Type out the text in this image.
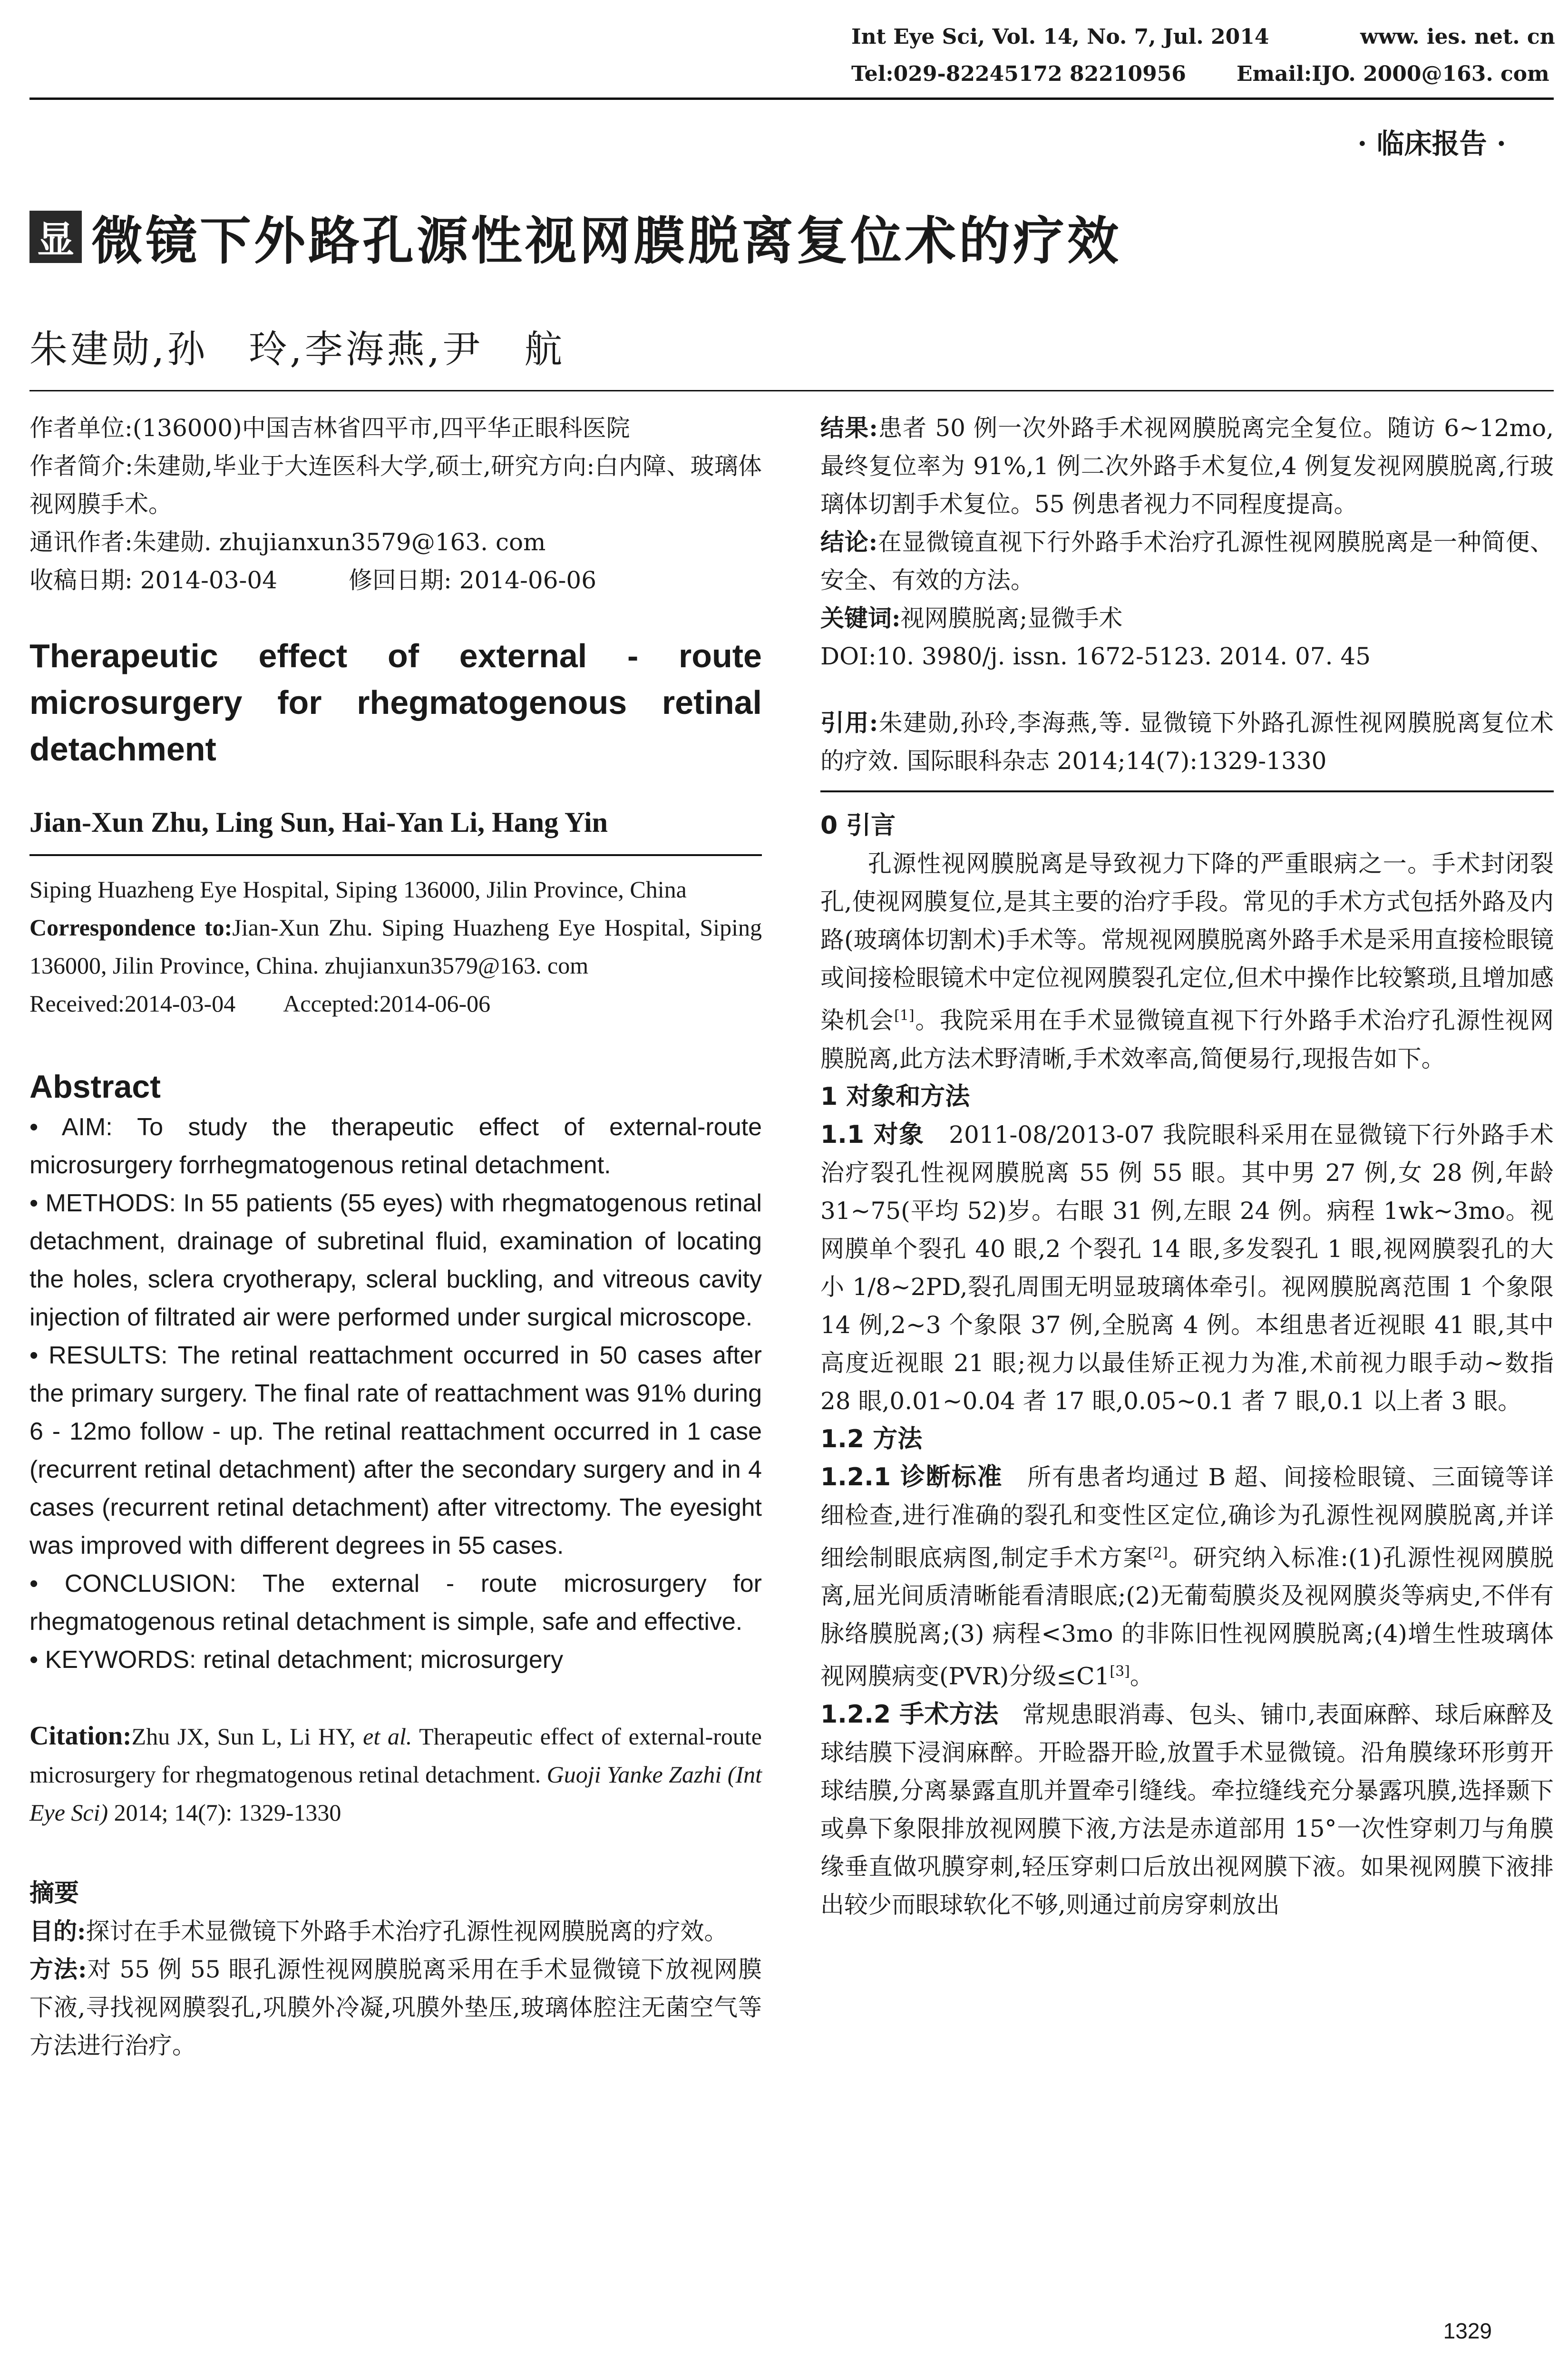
Int Eye Sci, Vol. 14, No. 7, Jul. 2014	www. ies. net. cn
Tel:029-82245172 82210956 Email:IJO. 2000@163. com
· 临床报告 ·
显 微镜下外路孔源性视网膜脱离复位术的疗效
朱建勋,孙　玲,李海燕,尹　航

作者单位:(136000)中国吉林省四平市,四平华正眼科医院

作者简介:朱建勋,毕业于大连医科大学,硕士,研究方向:白内障、玻璃体视网膜手术。

通讯作者:朱建勋. zhujianxun3579@163. com

收稿日期: 2014-03-04　　　修回日期: 2014-06-06

Therapeutic effect of external - route microsurgery for rhegmatogenous retinal detachment

Jian-Xun Zhu, Ling Sun, Hai-Yan Li, Hang Yin

Siping Huazheng Eye Hospital, Siping 136000, Jilin Province, China

Correspondence to:Jian-Xun Zhu. Siping Huazheng Eye Hospital, Siping 136000, Jilin Province, China. zhujianxun3579@163. com

Received:2014-03-04　　Accepted:2014-06-06

Abstract

• AIM: To study the therapeutic effect of external-route microsurgery forrhegmatogenous retinal detachment.

• METHODS: In 55 patients (55 eyes) with rhegmatogenous retinal detachment, drainage of subretinal fluid, examination of locating the holes, sclera cryotherapy, scleral buckling, and vitreous cavity injection of filtrated air were performed under surgical microscope.

• RESULTS: The retinal reattachment occurred in 50 cases after the primary surgery. The final rate of reattachment was 91% during 6 - 12mo follow - up. The retinal reattachment occurred in 1 case (recurrent retinal detachment) after the secondary surgery and in 4 cases (recurrent retinal detachment) after vitrectomy. The eyesight was improved with different degrees in 55 cases.

• CONCLUSION: The external - route microsurgery for rhegmatogenous retinal detachment is simple, safe and effective.

• KEYWORDS: retinal detachment; microsurgery

Citation:Zhu JX, Sun L, Li HY, et al. Therapeutic effect of external-route microsurgery for rhegmatogenous retinal detachment. Guoji Yanke Zazhi (Int Eye Sci) 2014; 14(7): 1329-1330

摘要

目的:探讨在手术显微镜下外路手术治疗孔源性视网膜脱离的疗效。

方法:对 55 例 55 眼孔源性视网膜脱离采用在手术显微镜下放视网膜下液,寻找视网膜裂孔,巩膜外冷凝,巩膜外垫压,玻璃体腔注无菌空气等方法进行治疗。

结果:患者 50 例一次外路手术视网膜脱离完全复位。随访 6~12mo,最终复位率为 91%,1 例二次外路手术复位,4 例复发视网膜脱离,行玻璃体切割手术复位。55 例患者视力不同程度提高。

结论:在显微镜直视下行外路手术治疗孔源性视网膜脱离是一种简便、安全、有效的方法。

关键词:视网膜脱离;显微手术

DOI:10. 3980/j. issn. 1672-5123. 2014. 07. 45

引用:朱建勋,孙玲,李海燕,等. 显微镜下外路孔源性视网膜脱离复位术的疗效. 国际眼科杂志 2014;14(7):1329-1330

0 引言

孔源性视网膜脱离是导致视力下降的严重眼病之一。手术封闭裂孔,使视网膜复位,是其主要的治疗手段。常见的手术方式包括外路及内路(玻璃体切割术)手术等。常规视网膜脱离外路手术是采用直接检眼镜或间接检眼镜术中定位视网膜裂孔定位,但术中操作比较繁琐,且增加感染机会[1]。我院采用在手术显微镜直视下行外路手术治疗孔源性视网膜脱离,此方法术野清晰,手术效率高,简便易行,现报告如下。

1 对象和方法

1.1 对象　 2011-08/2013-07 我院眼科采用在显微镜下行外路手术治疗裂孔性视网膜脱离 55 例 55 眼。其中男 27 例,女 28 例,年龄 31~75(平均 52)岁。右眼 31 例,左眼 24 例。病程 1wk~3mo。视网膜单个裂孔 40 眼,2 个裂孔 14 眼,多发裂孔 1 眼,视网膜裂孔的大小 1/8~2PD,裂孔周围无明显玻璃体牵引。视网膜脱离范围 1 个象限 14 例,2~3 个象限 37 例,全脱离 4 例。本组患者近视眼 41 眼,其中高度近视眼 21 眼;视力以最佳矫正视力为准,术前视力眼手动~数指 28 眼,0.01~0.04 者 17 眼,0.05~0.1 者 7 眼,0.1 以上者 3 眼。

1.2 方法

1.2.1 诊断标准　 所有患者均通过 B 超、间接检眼镜、三面镜等详细检查,进行准确的裂孔和变性区定位,确诊为孔源性视网膜脱离,并详细绘制眼底病图,制定手术方案[2]。研究纳入标准:(1)孔源性视网膜脱离,屈光间质清晰能看清眼底;(2)无葡萄膜炎及视网膜炎等病史,不伴有脉络膜脱离;(3) 病程<3mo 的非陈旧性视网膜脱离;(4)增生性玻璃体视网膜病变(PVR)分级≤C1[3]。

1.2.2 手术方法　 常规患眼消毒、包头、铺巾,表面麻醉、球后麻醉及球结膜下浸润麻醉。开睑器开睑,放置手术显微镜。沿角膜缘环形剪开球结膜,分离暴露直肌并置牵引缝线。牵拉缝线充分暴露巩膜,选择颞下或鼻下象限排放视网膜下液,方法是赤道部用 15°一次性穿刺刀与角膜缘垂直做巩膜穿刺,轻压穿刺口后放出视网膜下液。如果视网膜下液排出较少而眼球软化不够,则通过前房穿刺放出

1329
